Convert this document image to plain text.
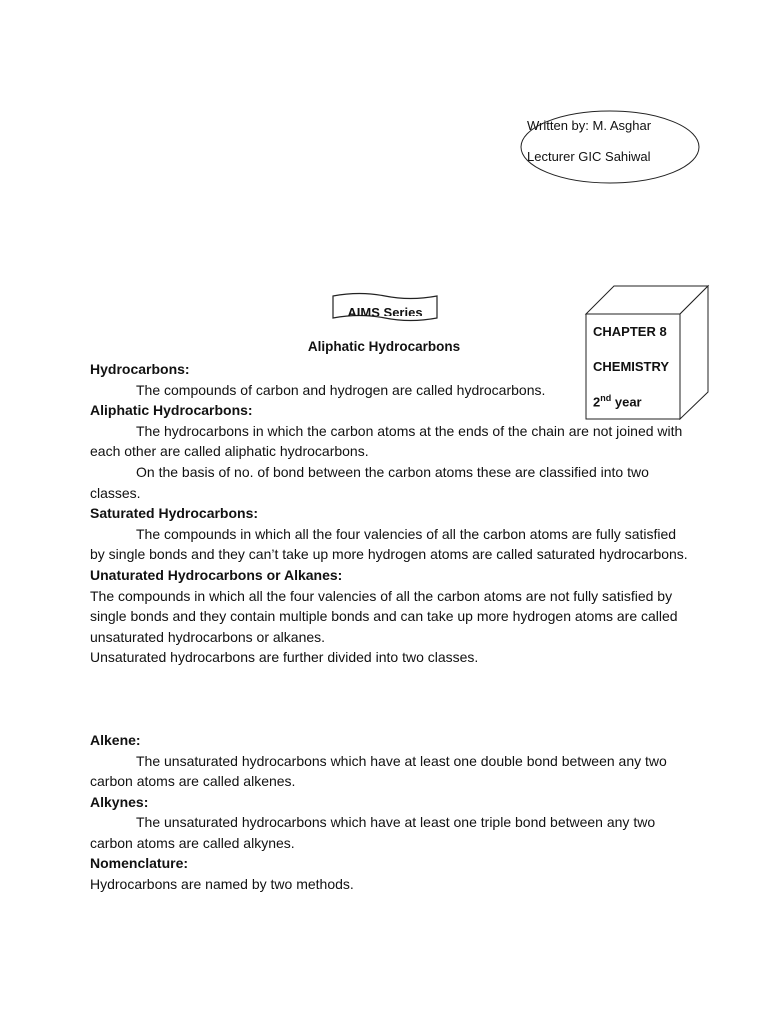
Written by: M. Asghar
Lecturer GIC Sahiwal
AIMS Series
CHAPTER 8
CHEMISTRY
2nd year
Aliphatic Hydrocarbons

Hydrocarbons:

The compounds of carbon and hydrogen are called hydrocarbons.

Aliphatic Hydrocarbons:

The hydrocarbons in which the carbon atoms at the ends of the chain are not joined with each other are called aliphatic hydrocarbons.

On the basis of no. of bond between the carbon atoms these are classified into two classes.

Saturated Hydrocarbons:

The compounds in which all the four valencies of all the carbon atoms are fully satisfied by single bonds and they can’t take up more hydrogen atoms are called saturated hydrocarbons.

Unaturated Hydrocarbons or Alkanes:

The compounds in which all the four valencies of all the carbon atoms are not fully satisfied by single bonds and they contain multiple bonds and can take up more hydrogen atoms are called unsaturated hydrocarbons or alkanes.

Unsaturated hydrocarbons are further divided into two classes.

Alkene:

The unsaturated hydrocarbons which have at least one double bond between any two carbon atoms are called alkenes.

Alkynes:

The unsaturated hydrocarbons which have at least one triple bond between any two carbon atoms are called alkynes.

Nomenclature:

Hydrocarbons are named by two methods.
